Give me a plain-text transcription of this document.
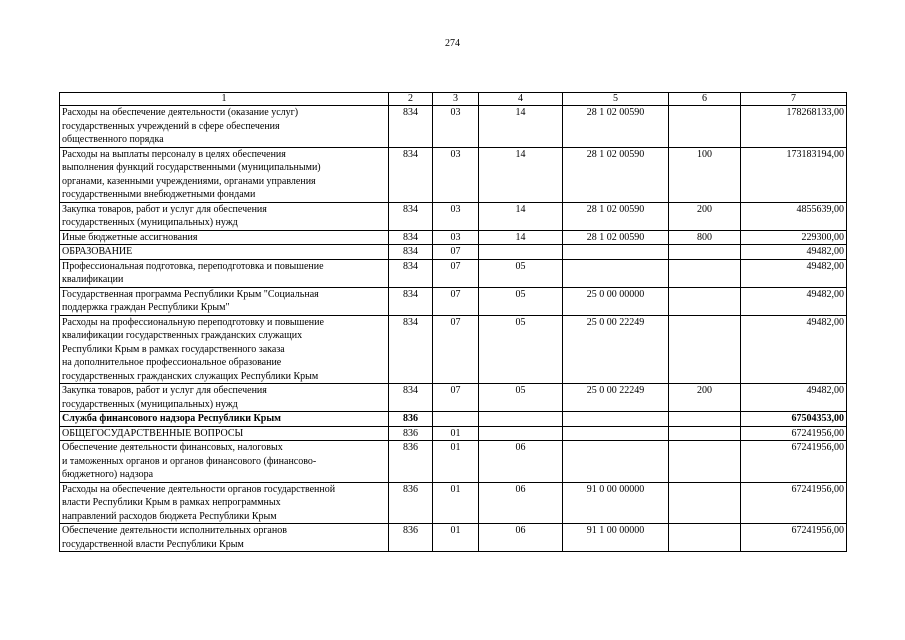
274
1	2	3	4	5	6	7

Расходы на обеспечение деятельности (оказание услуг)
государственных учреждений в сфере обеспечения
общественного порядка	834	03	14	28 1 02 00590		178268133,00

Расходы на выплаты персоналу в целях обеспечения
выполнения функций государственными (муниципальными)
органами, казенными учреждениями, органами управления
государственными внебюджетными фондами	834	03	14	28 1 02 00590	100	173183194,00

Закупка товаров, работ и услуг для обеспечения
государственных (муниципальных) нужд	834	03	14	28 1 02 00590	200	4855639,00

Иные бюджетные ассигнования	834	03	14	28 1 02 00590	800	229300,00

ОБРАЗОВАНИЕ	834	07				49482,00

Профессиональная подготовка, переподготовка и повышение
квалификации	834	07	05			49482,00

Государственная программа Республики Крым "Социальная
поддержка граждан Республики Крым"	834	07	05	25 0 00 00000		49482,00

Расходы на профессиональную переподготовку и повышение
квалификации государственных гражданских служащих
Республики Крым в рамках государственного заказа
на дополнительное профессиональное образование
государственных гражданских служащих Республики Крым	834	07	05	25 0 00 22249		49482,00

Закупка товаров, работ и услуг для обеспечения
государственных (муниципальных) нужд	834	07	05	25 0 00 22249	200	49482,00

Служба финансового надзора Республики Крым	836					67504353,00

ОБЩЕГОСУДАРСТВЕННЫЕ ВОПРОСЫ	836	01				67241956,00

Обеспечение деятельности финансовых, налоговых
и таможенных органов и органов финансового (финансово-
бюджетного) надзора	836	01	06			67241956,00

Расходы на обеспечение деятельности органов государственной
власти Республики Крым в рамках непрограммных
направлений расходов бюджета Республики Крым	836	01	06	91 0 00 00000		67241956,00

Обеспечение деятельности исполнительных органов
государственной власти Республики Крым	836	01	06	91 1 00 00000		67241956,00
